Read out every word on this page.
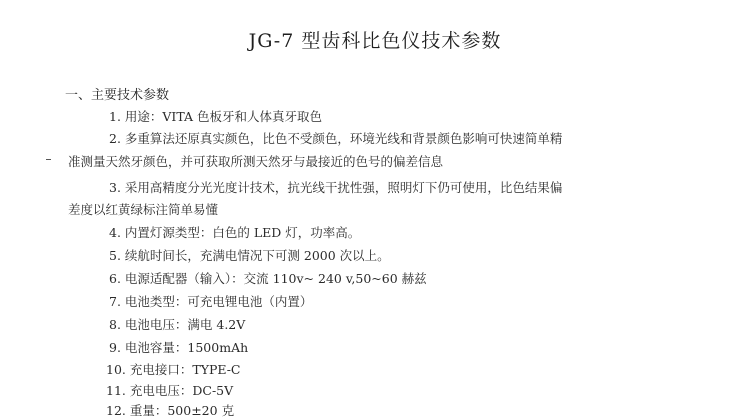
JG-7 型齿科比色仪技术参数
一、主要技术参数
1. 用途：VITA 色板牙和人体真牙取色
2. 多重算法还原真实颜色，比色不受颜色，环境光线和背景颜色影响可快速简单精
准测量天然牙颜色，并可获取所测天然牙与最接近的色号的偏差信息
3. 采用高精度分光光度计技术，抗光线干扰性强，照明灯下仍可使用，比色结果偏
差度以红黄绿标注简单易懂
4. 内置灯源类型：白色的 LED 灯，功率高。
5. 续航时间长，充满电情况下可测 2000 次以上。
6. 电源适配器（输入）：交流 110v~ 240 v,50~60 赫兹
7. 电池类型：可充电锂电池（内置）
8. 电池电压：满电 4.2V
9. 电池容量：1500mAh
10. 充电接口：TYPE-C
11. 充电电压：DC-5V
12. 重量：500±20 克
